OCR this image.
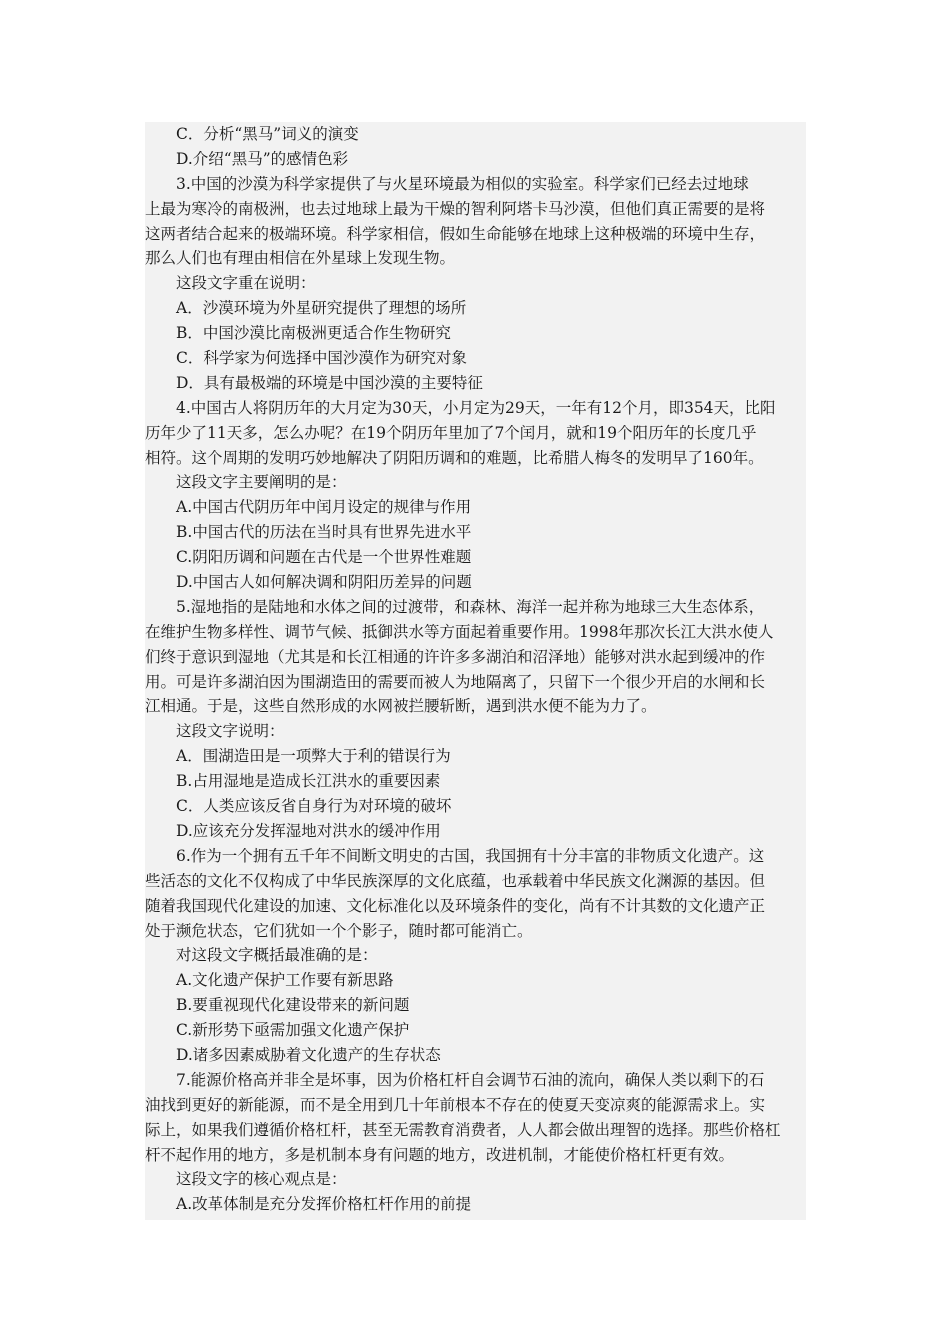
C．分析“黑马”词义的演变
D.介绍“黑马”的感情色彩
3.中国的沙漠为科学家提供了与火星环境最为相似的实验室。科学家们已经去过地球
上最为寒冷的南极洲，也去过地球上最为干燥的智利阿塔卡马沙漠，但他们真正需要的是将
这两者结合起来的极端环境。科学家相信，假如生命能够在地球上这种极端的环境中生存，
那么人们也有理由相信在外星球上发现生物。
这段文字重在说明：
A．沙漠环境为外星研究提供了理想的场所
B．中国沙漠比南极洲更适合作生物研究
C．科学家为何选择中国沙漠作为研究对象
D．具有最极端的环境是中国沙漠的主要特征
4.中国古人将阴历年的大月定为30天，小月定为29天，一年有12个月，即354天，比阳
历年少了11天多，怎么办呢？在19个阴历年里加了7个闰月，就和19个阳历年的长度几乎
相符。这个周期的发明巧妙地解决了阴阳历调和的难题，比希腊人梅冬的发明早了160年。
这段文字主要阐明的是：
A.中国古代阴历年中闰月设定的规律与作用
B.中国古代的历法在当时具有世界先进水平
C.阴阳历调和问题在古代是一个世界性难题
D.中国古人如何解决调和阴阳历差异的问题
5.湿地指的是陆地和水体之间的过渡带，和森林、海洋一起并称为地球三大生态体系，
在维护生物多样性、调节气候、抵御洪水等方面起着重要作用。1998年那次长江大洪水使人
们终于意识到湿地（尤其是和长江相通的许许多多湖泊和沼泽地）能够对洪水起到缓冲的作
用。可是许多湖泊因为围湖造田的需要而被人为地隔离了，只留下一个很少开启的水闸和长
江相通。于是，这些自然形成的水网被拦腰斩断，遇到洪水便不能为力了。
这段文字说明：
A．围湖造田是一项弊大于利的错误行为
B.占用湿地是造成长江洪水的重要因素
C．人类应该反省自身行为对环境的破坏
D.应该充分发挥湿地对洪水的缓冲作用
6.作为一个拥有五千年不间断文明史的古国，我国拥有十分丰富的非物质文化遗产。这
些活态的文化不仅构成了中华民族深厚的文化底蕴，也承载着中华民族文化渊源的基因。但
随着我国现代化建设的加速、文化标准化以及环境条件的变化，尚有不计其数的文化遗产正
处于濒危状态，它们犹如一个个影子，随时都可能消亡。
对这段文字概括最准确的是：
A.文化遗产保护工作要有新思路
B.要重视现代化建设带来的新问题
C.新形势下亟需加强文化遗产保护
D.诸多因素威胁着文化遗产的生存状态
7.能源价格高并非全是坏事，因为价格杠杆自会调节石油的流向，确保人类以剩下的石
油找到更好的新能源，而不是全用到几十年前根本不存在的使夏天变凉爽的能源需求上。实
际上，如果我们遵循价格杠杆，甚至无需教育消费者，人人都会做出理智的选择。那些价格杠
杆不起作用的地方，多是机制本身有问题的地方，改进机制，才能使价格杠杆更有效。
这段文字的核心观点是：
A.改革体制是充分发挥价格杠杆作用的前提
